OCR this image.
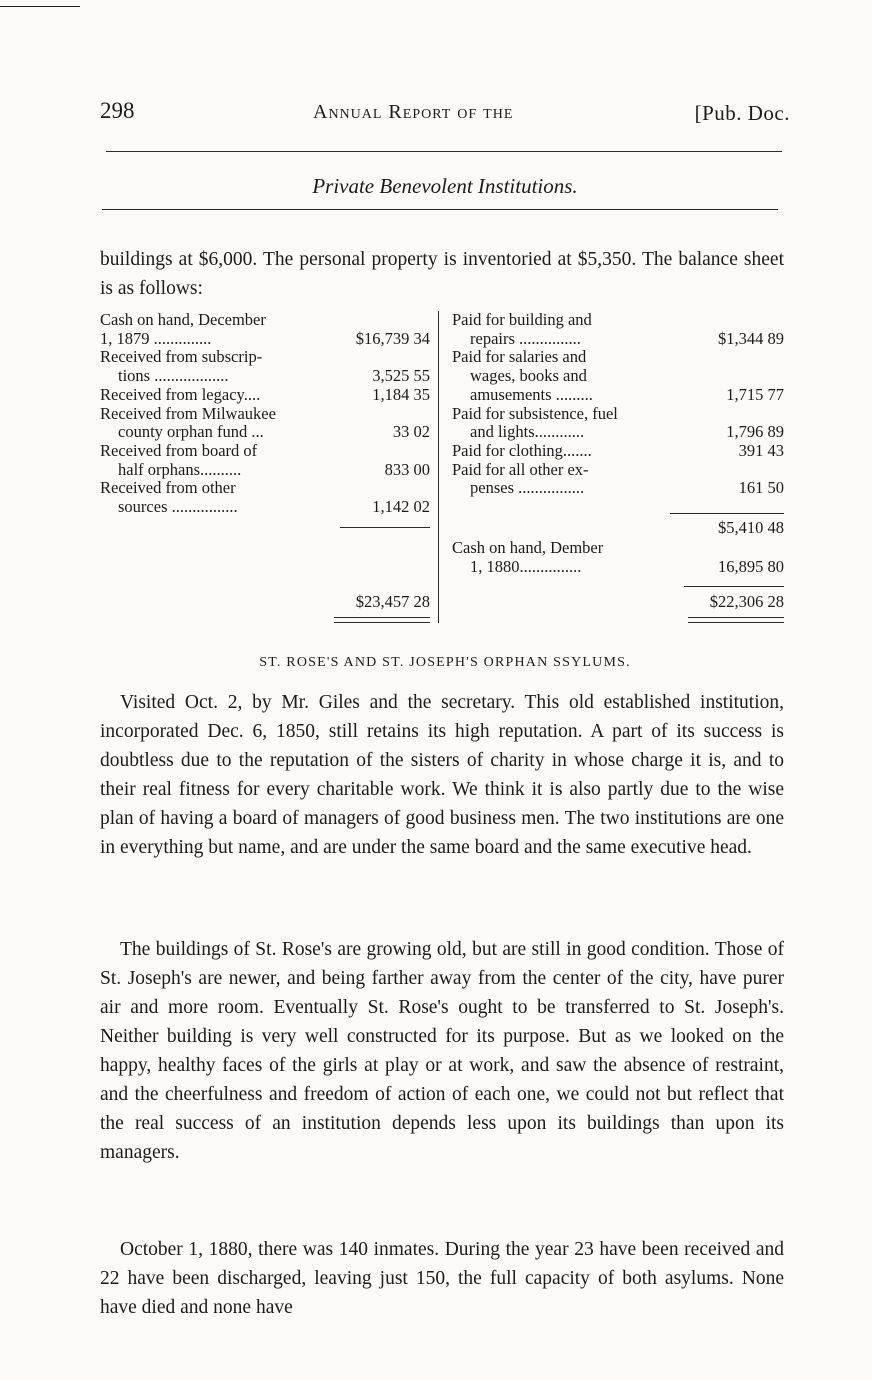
298	Annual Report of the	[Pub. Doc.
Private Benevolent Institutions.

buildings at $6,000. The personal property is inventoried at $5,350. The balance sheet is as follows:

Cash on hand, December
1, 1879 ..............	$16,739 34
Received from subscrip-
tions ..................	3,525 55
Received from legacy....	1,184 35
Received from Milwaukee
county orphan fund ...	33 02
Received from board of
half orphans..........	833 00
Received from other
sources ................	1,142 02
$23,457 28
Paid for building and
repairs ...............	$1,344 89
Paid for salaries and
wages, books and
amusements .........	1,715 77
Paid for subsistence, fuel
and lights............	1,796 89
Paid for clothing.......	391 43
Paid for all other ex-
penses ................	161 50
$5,410 48
Cash on hand, Dember
1, 1880...............	16,895 80
$22,306 28
ST. ROSE'S AND ST. JOSEPH'S ORPHAN SSYLUMS.

Visited Oct. 2, by Mr. Giles and the secretary. This old established institution, incorporated Dec. 6, 1850, still retains its high reputation. A part of its success is doubtless due to the reputation of the sisters of charity in whose charge it is, and to their real fitness for every charitable work. We think it is also partly due to the wise plan of having a board of managers of good business men. The two institutions are one in everything but name, and are under the same board and the same executive head.

The buildings of St. Rose's are growing old, but are still in good condition. Those of St. Joseph's are newer, and being farther away from the center of the city, have purer air and more room. Eventually St. Rose's ought to be transferred to St. Joseph's. Neither building is very well constructed for its purpose. But as we looked on the happy, healthy faces of the girls at play or at work, and saw the absence of restraint, and the cheerfulness and freedom of action of each one, we could not but reflect that the real success of an institution depends less upon its buildings than upon its managers.

October 1, 1880, there was 140 inmates. During the year 23 have been received and 22 have been discharged, leaving just 150, the full capacity of both asylums. None have died and none have
